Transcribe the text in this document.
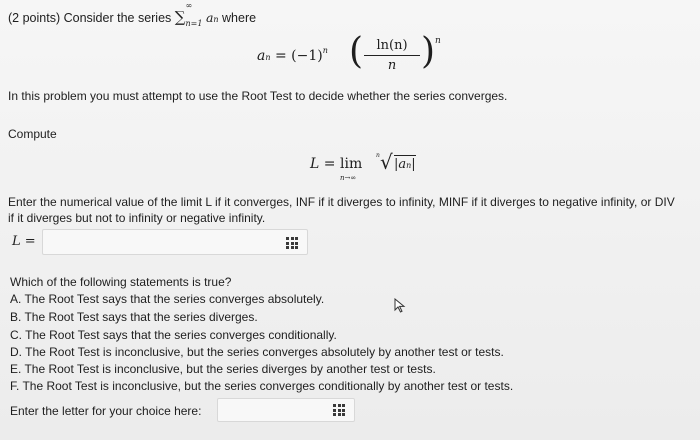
(2 points) Consider the series ∑
∞
$_{n=1}$ an where
an = $(-1)^n$ (	ln(n)
n ) n
In this problem you must attempt to use the Root Test to decide whether the series converges.
Compute
L = lim
n→∞
n √ |an|
Enter the numerical value of the limit L if it converges, INF if it diverges to infinity, MINF if it diverges to negative infinity, or DIV
if it diverges but not to infinity or negative infinity.
L =
Which of the following statements is true?
A. The Root Test says that the series converges absolutely.
B. The Root Test says that the series diverges.
C. The Root Test says that the series converges conditionally.
D. The Root Test is inconclusive, but the series converges absolutely by another test or tests.
E. The Root Test is inconclusive, but the series diverges by another test or tests.
F. The Root Test is inconclusive, but the series converges conditionally by another test or tests.
Enter the letter for your choice here:
